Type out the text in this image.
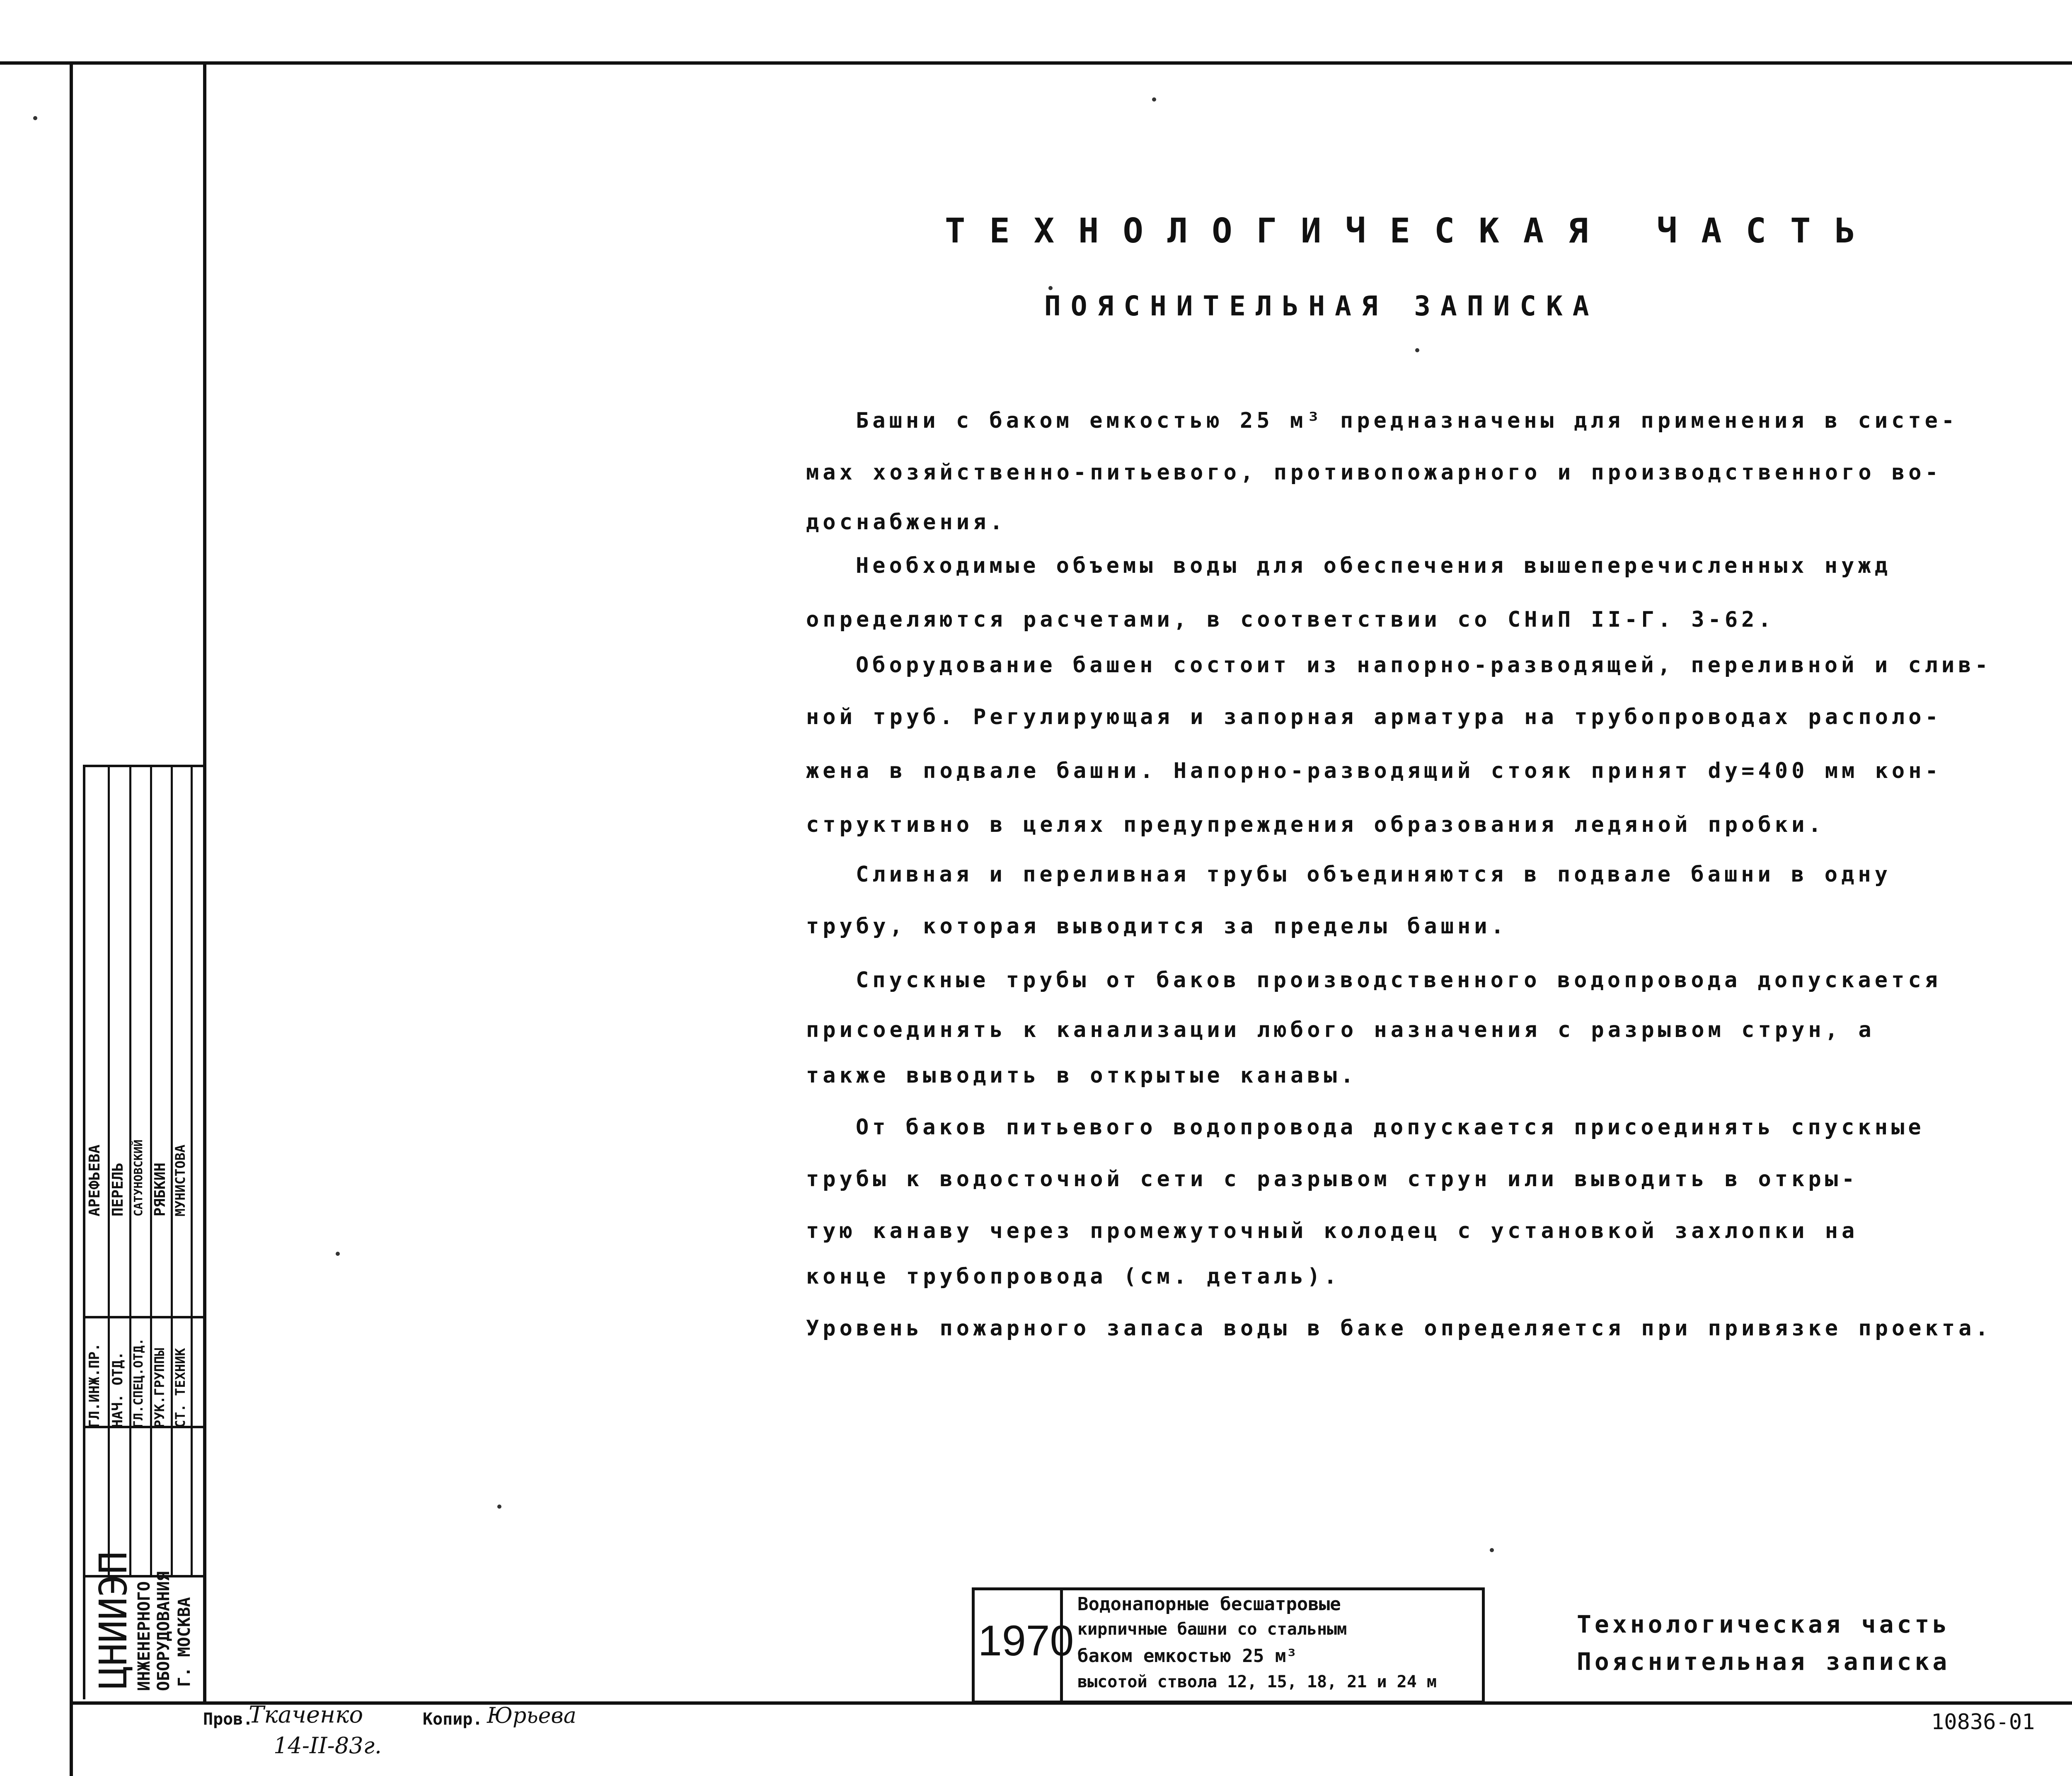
ТЕХНОЛОГИЧЕСКАЯ ЧАСТЬ
ПОЯСНИТЕЛЬНАЯ ЗАПИСКА
Башни с баком емкостью 25 м³ предназначены для применения в систе-
мах хозяйственно-питьевого, противопожарного и производственного во-
доснабжения.
Необходимые объемы воды для обеспечения вышеперечисленных нужд
определяются расчетами, в соответствии со СНиП II-Г. 3-62.
Оборудование башен состоит из напорно-разводящей, переливной и слив-
ной труб. Регулирующая и запорная арматура на трубопроводах располо-
жена в подвале башни. Напорно-разводящий стояк принят dy=400 мм кон-
структивно в целях предупреждения образования ледяной пробки.
Сливная и переливная трубы объединяются в подвале башни в одну
трубу, которая выводится за пределы башни.
Спускные трубы от баков производственного водопровода допускается
присоединять к канализации любого назначения с разрывом струн, а
также выводить в открытые канавы.
От баков питьевого водопровода допускается присоединять спускные
трубы к водосточной сети с разрывом струн или выводить в откры-
тую канаву через промежуточный колодец с установкой захлопки на
конце трубопровода (см. деталь).
Уровень пожарного запаса воды в баке определяется при привязке проекта.
АРЕФЬЕВА ПЕРЕЛЬ САТУНОВСКИЙ РЯБКИН МУНИСТОВА
ГЛ.ИНЖ.ПР. НАЧ. ОТД. ГЛ.СПЕЦ.ОТД. РУК.ГРУППЫ СТ. ТЕХНИК
ЦНИИЭП
ИНЖЕНЕРНОГО ОБОРУДОВАНИЯ Г. МОСКВА	1970
Водонапорные бесшатровые
кирпичные башни со стальным
баком емкостью 25 м³
высотой ствола 12, 15, 18, 21 и 24 м
Технологическая часть
Пояснительная записка
Пров.
Ткаченко
14-II-83г.
Копир. Юрьева	10836-01
